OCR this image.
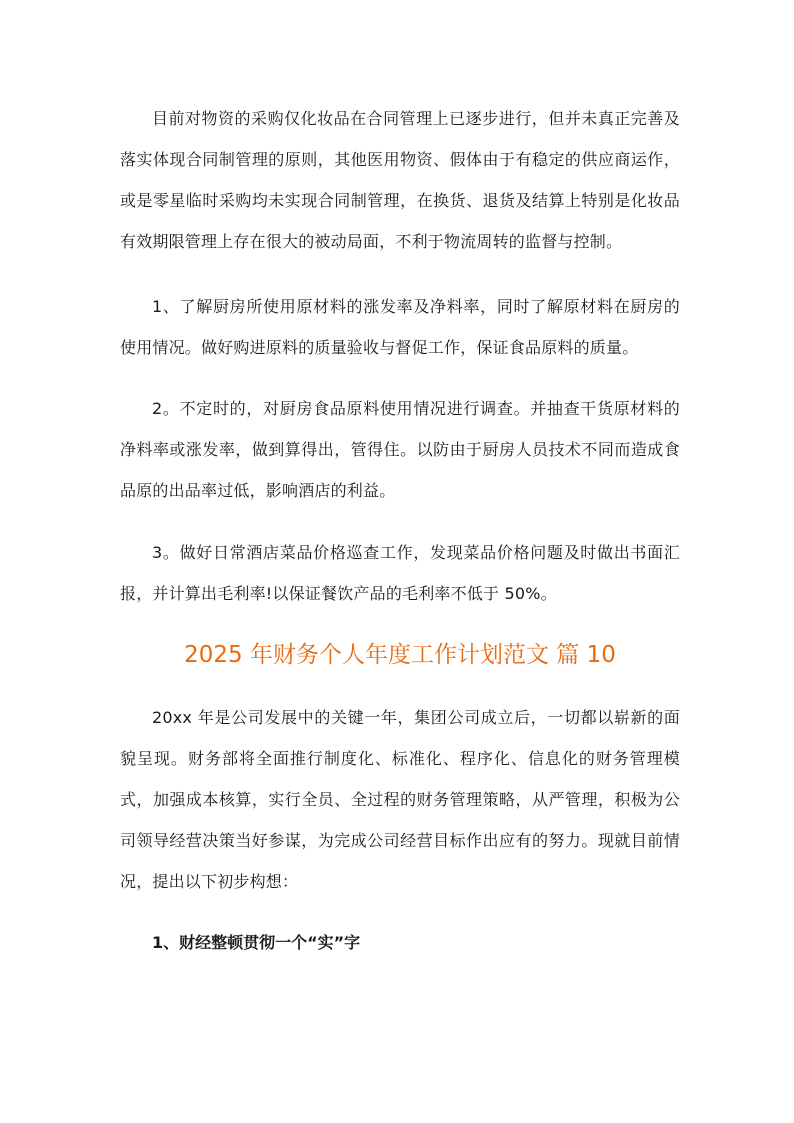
目前对物资的采购仅化妆品在合同管理上已逐步进行，但并未真正完善及落实体现合同制管理的原则，其他医用物资、假体由于有稳定的供应商运作，或是零星临时采购均未实现合同制管理，在换货、退货及结算上特别是化妆品有效期限管理上存在很大的被动局面，不利于物流周转的监督与控制。

1、了解厨房所使用原材料的涨发率及净料率，同时了解原材料在厨房的使用情况。做好购进原料的质量验收与督促工作，保证食品原料的质量。

2。不定时的，对厨房食品原料使用情况进行调查。并抽查干货原材料的净料率或涨发率，做到算得出，管得住。以防由于厨房人员技术不同而造成食品原的出品率过低，影响酒店的利益。

3。做好日常酒店菜品价格巡查工作，发现菜品价格问题及时做出书面汇报，并计算出毛利率!以保证餐饮产品的毛利率不低于 50%。

2025 年财务个人年度工作计划范文 篇 10

20xx 年是公司发展中的关键一年，集团公司成立后，一切都以崭新的面貌呈现。财务部将全面推行制度化、标准化、程序化、信息化的财务管理模式，加强成本核算，实行全员、全过程的财务管理策略，从严管理，积极为公司领导经营决策当好参谋，为完成公司经营目标作出应有的努力。现就目前情况，提出以下初步构想：

1、财经整顿贯彻一个“实”字
